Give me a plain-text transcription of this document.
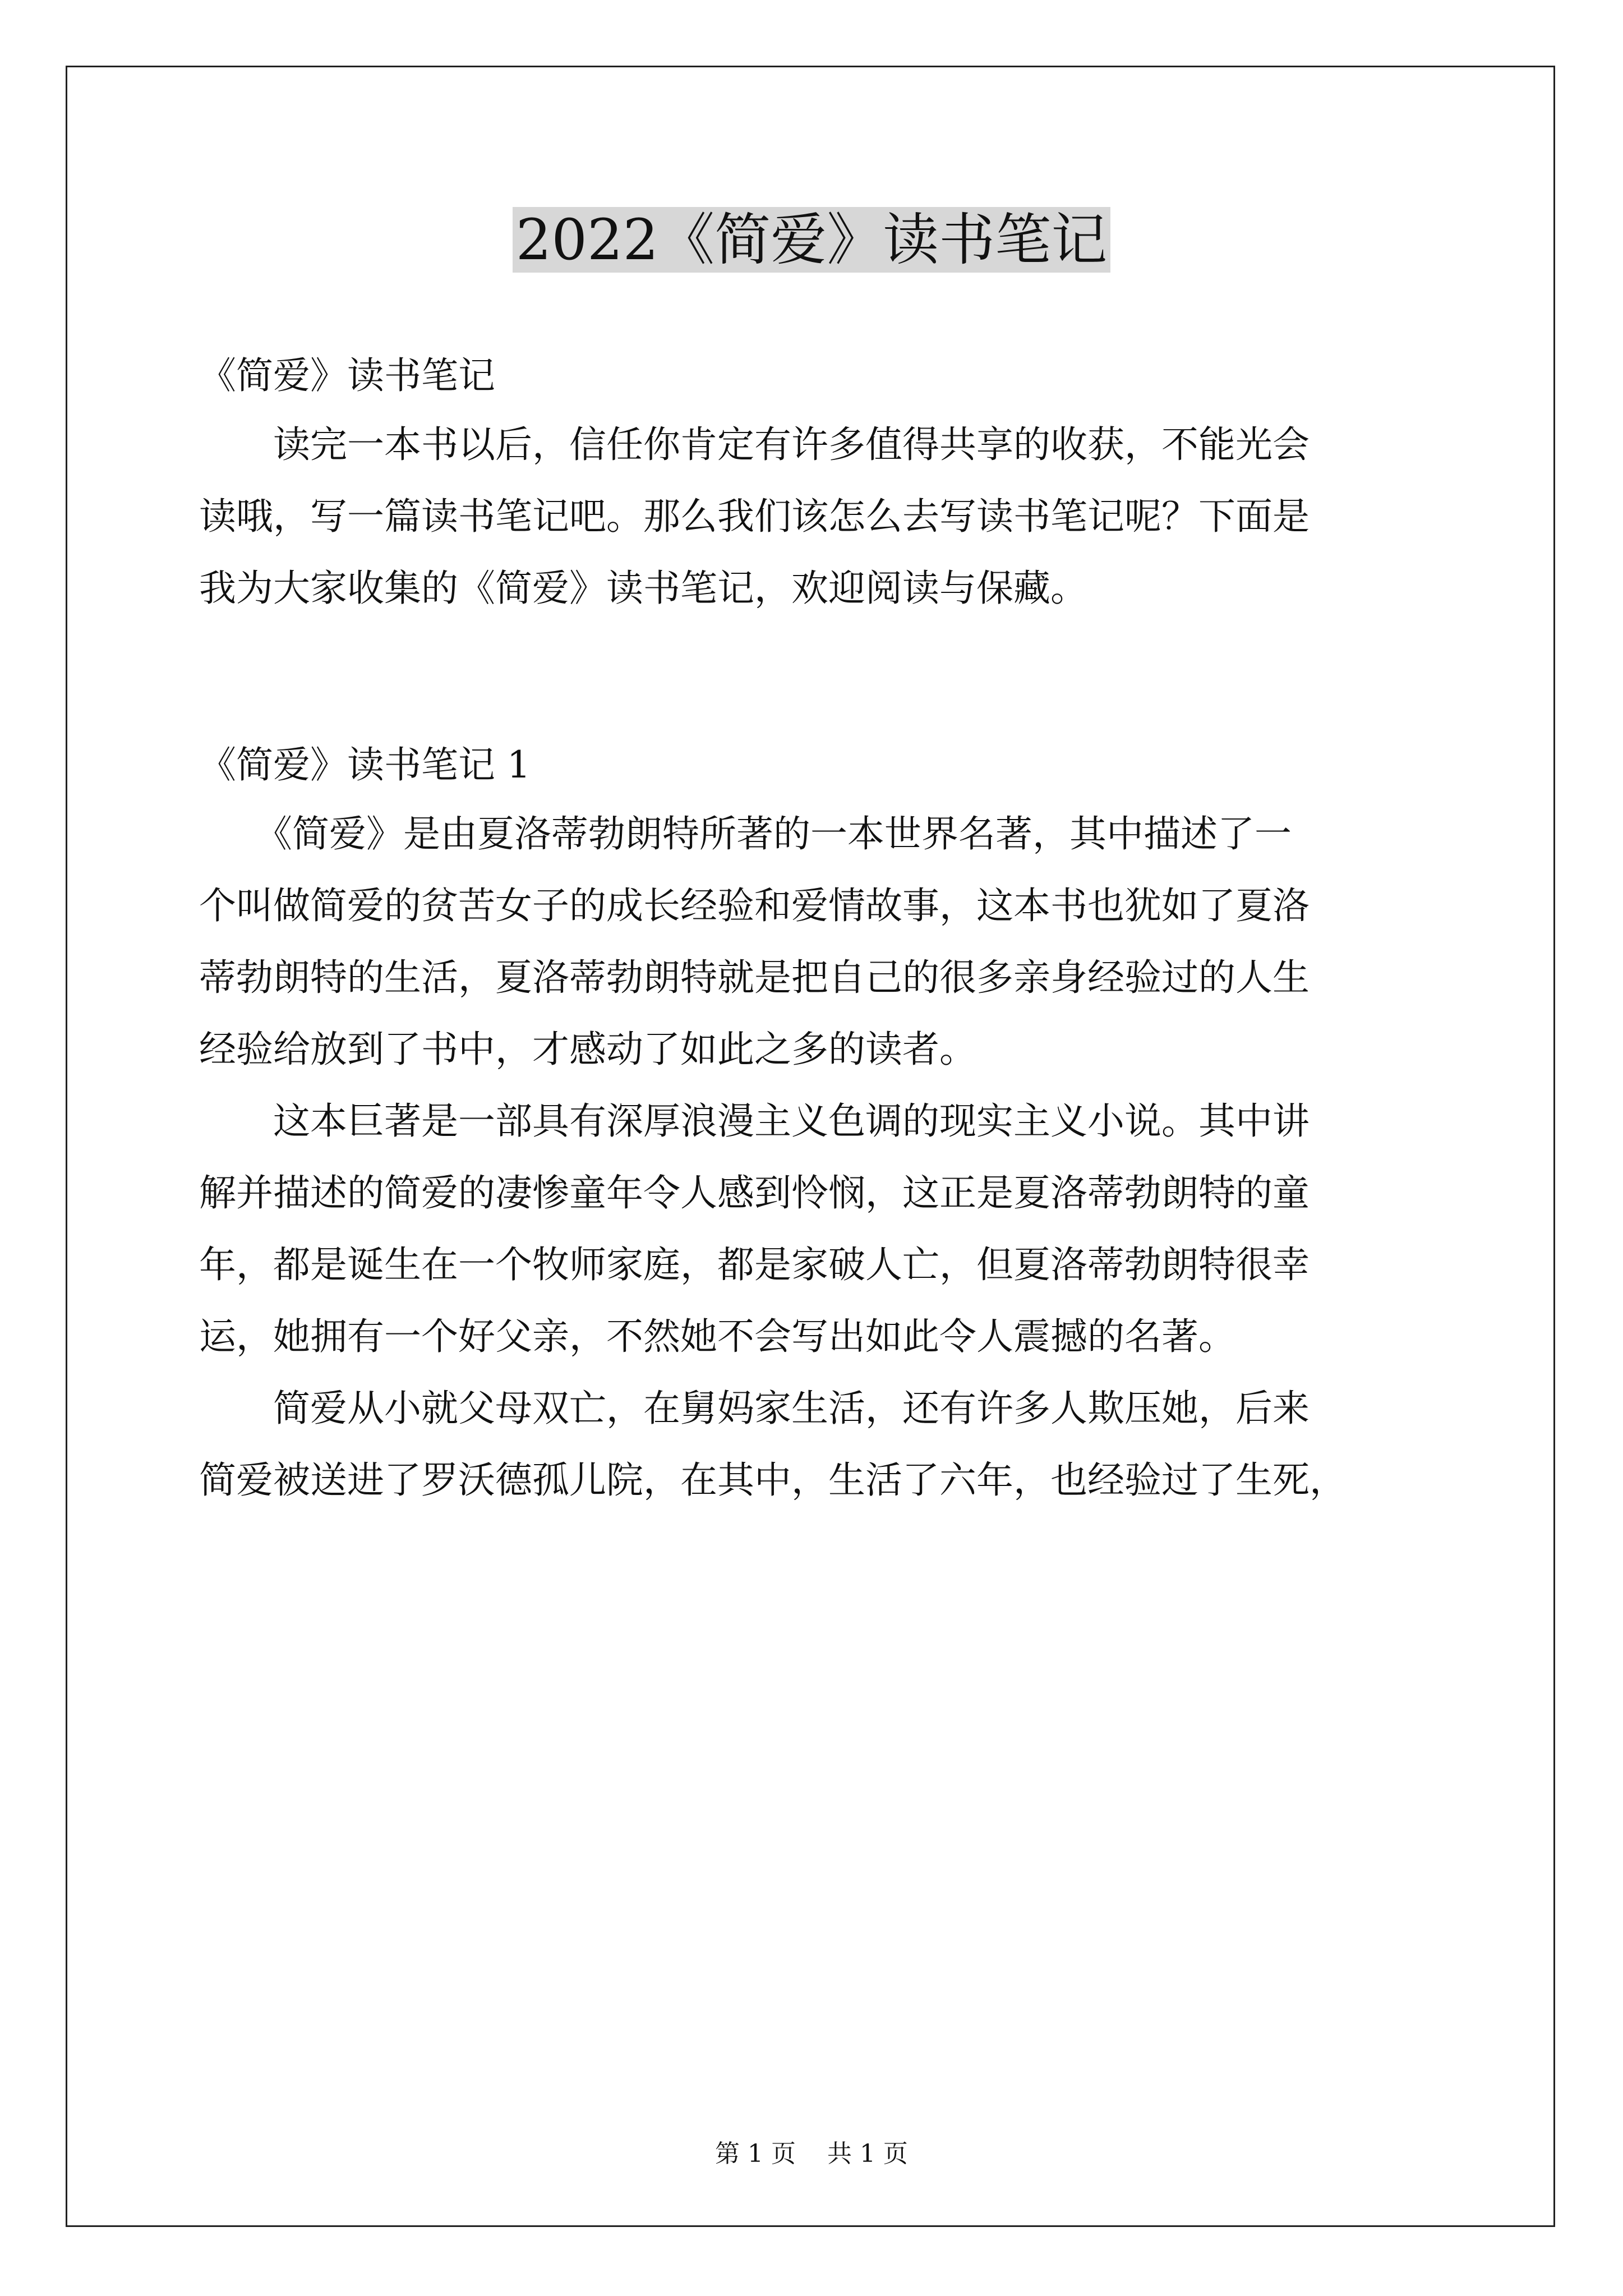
2022《简爱》读书笔记
《简爱》读书笔记

读完一本书以后，信任你肯定有许多值得共享的收获，不能光会

读哦，写一篇读书笔记吧。那么我们该怎么去写读书笔记呢？下面是

我为大家收集的《简爱》读书笔记，欢迎阅读与保藏。

《简爱》读书笔记 1

《简爱》是由夏洛蒂勃朗特所著的一本世界名著，其中描述了一

个叫做简爱的贫苦女子的成长经验和爱情故事，这本书也犹如了夏洛

蒂勃朗特的生活，夏洛蒂勃朗特就是把自己的很多亲身经验过的人生

经验给放到了书中，才感动了如此之多的读者。

这本巨著是一部具有深厚浪漫主义色调的现实主义小说。其中讲

解并描述的简爱的凄惨童年令人感到怜悯，这正是夏洛蒂勃朗特的童

年，都是诞生在一个牧师家庭，都是家破人亡，但夏洛蒂勃朗特很幸

运，她拥有一个好父亲，不然她不会写出如此令人震撼的名著。

简爱从小就父母双亡，在舅妈家生活，还有许多人欺压她，后来

简爱被送进了罗沃德孤儿院，在其中，生活了六年，也经验过了生死，

第 1 页    共 1 页
